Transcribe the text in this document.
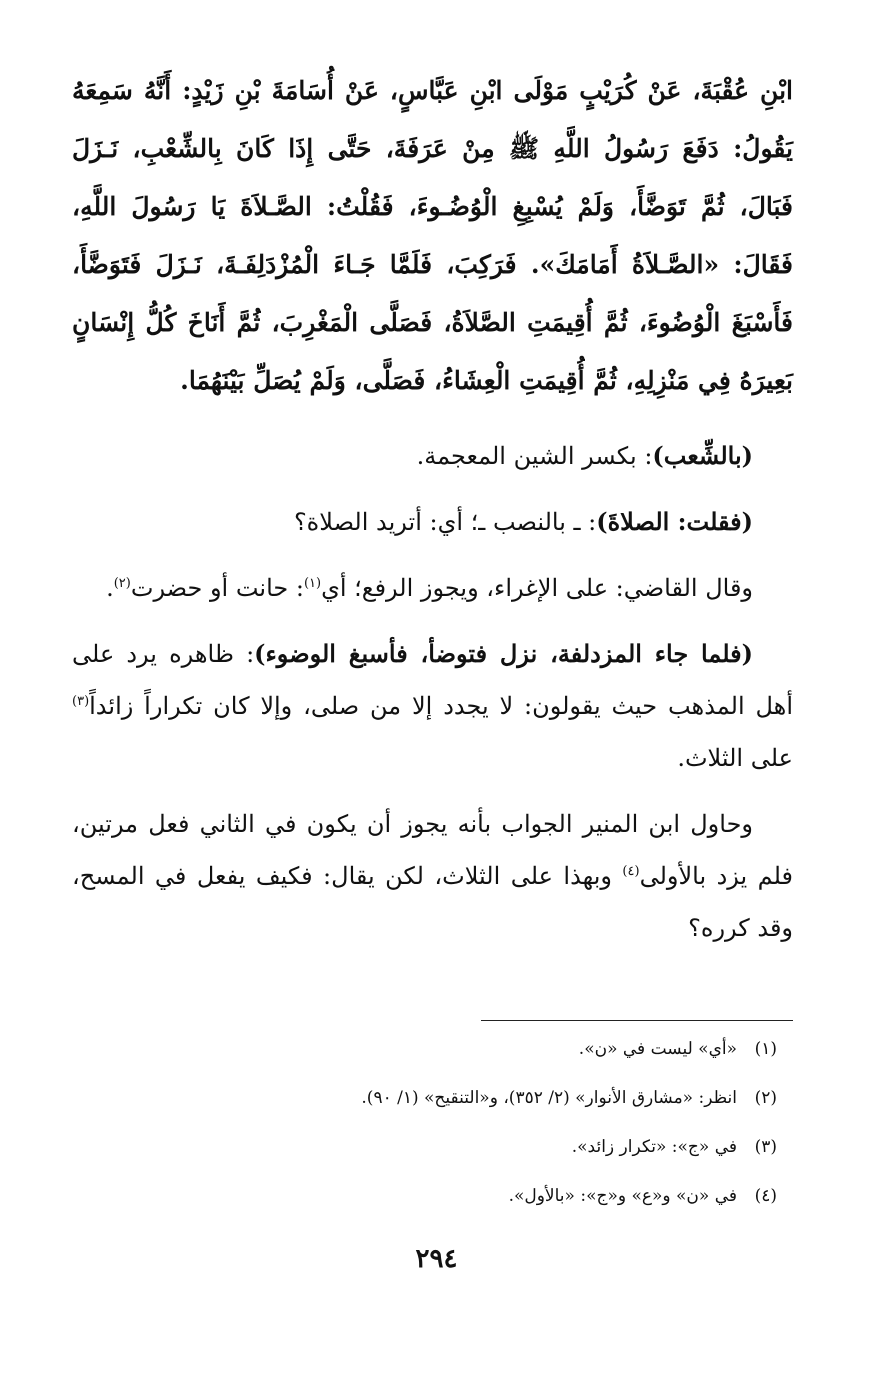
ابْنِ عُقْبَةَ، عَنْ كُرَيْبٍ مَوْلَى ابْنِ عَبَّاسٍ، عَنْ أُسَامَةَ بْنِ زَيْدٍ: أَنَّهُ سَمِعَهُ يَقُولُ: دَفَعَ رَسُولُ اللَّهِ ﷺ مِنْ عَرَفَةَ، حَتَّى إِذَا كَانَ بِالشِّعْبِ، نَـزَلَ فَبَالَ، ثُمَّ تَوَضَّأَ، وَلَمْ يُسْبِغِ الْوُضُـوءَ، فَقُلْتُ: الصَّـلاَةَ يَا رَسُولَ اللَّهِ، فَقَالَ: «الصَّـلاَةُ أَمَامَكَ». فَرَكِبَ، فَلَمَّا جَـاءَ الْمُزْدَلِفَـةَ، نَـزَلَ فَتَوَضَّأَ، فَأَسْبَغَ الْوُضُوءَ، ثُمَّ أُقِيمَتِ الصَّلاَةُ، فَصَلَّى الْمَغْرِبَ، ثُمَّ أَنَاخَ كُلُّ إِنْسَانٍ بَعِيرَهُ فِي مَنْزِلِهِ، ثُمَّ أُقِيمَتِ الْعِشَاءُ، فَصَلَّى، وَلَمْ يُصَلِّ بَيْنَهُمَا.

(بالشِّعب): بكسر الشين المعجمة.

(فقلت: الصلاةَ): ـ بالنصب ـ؛ أي: أتريد الصلاة؟

وقال القاضي: على الإغراء، ويجوز الرفع؛ أي$^{(١)}$: حانت أو حضرت$^{(٢)}$.

(فلما جاء المزدلفة، نزل فتوضأ، فأسبغ الوضوء): ظاهره يرد على أهل المذهب حيث يقولون: لا يجدد إلا من صلى، وإلا كان تكراراً زائداً$^{(٣)}$ على الثلاث.

وحاول ابن المنير الجواب بأنه يجوز أن يكون في الثاني فعل مرتين، فلم يزد بالأولى$^{(٤)}$ وبهذا على الثلاث، لكن يقال: فكيف يفعل في المسح، وقد كرره؟

(١)«أي» ليست في «ن».
(٢)انظر: «مشارق الأنوار» (٢/ ٣٥٢)، و«التنقيح» (١/ ٩٠).
(٣)في «ج»: «تكرار زائد».
(٤)في «ن» و«ع» و«ج»: «بالأول».
٢٩٤
